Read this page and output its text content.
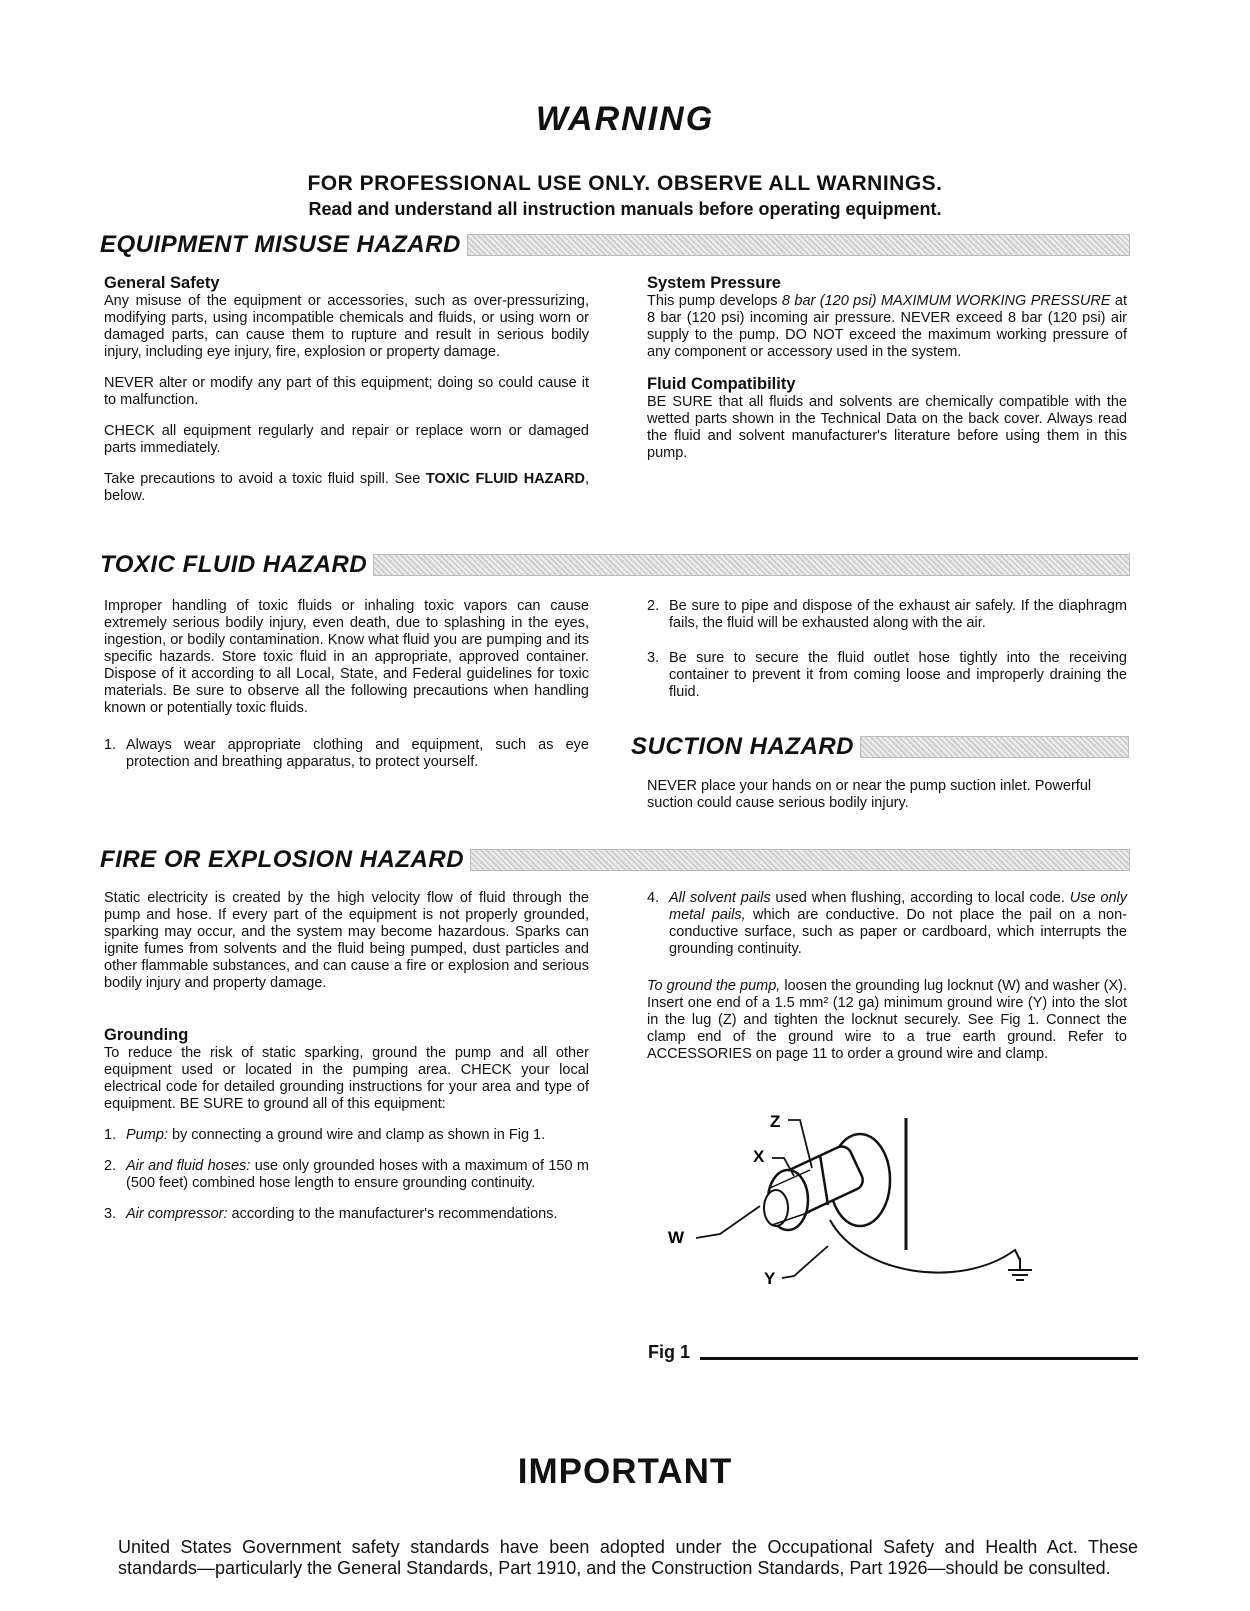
WARNING
FOR PROFESSIONAL USE ONLY. OBSERVE ALL WARNINGS.
Read and understand all instruction manuals before operating equipment.
EQUIPMENT MISUSE HAZARD
General Safety

Any misuse of the equipment or accessories, such as over-pressurizing, modifying parts, using incompatible chemicals and fluids, or using worn or damaged parts, can cause them to rupture and result in serious bodily injury, including eye injury, fire, explosion or property damage.

NEVER alter or modify any part of this equipment; doing so could cause it to malfunction.

CHECK all equipment regularly and repair or replace worn or damaged parts immediately.

Take precautions to avoid a toxic fluid spill. See TOXIC FLUID HAZARD, below.

System Pressure

This pump develops 8 bar (120 psi) MAXIMUM WORKING PRESSURE at 8 bar (120 psi) incoming air pressure. NEVER exceed 8 bar (120 psi) air supply to the pump. DO NOT exceed the maximum working pressure of any component or accessory used in the system.

Fluid Compatibility

BE SURE that all fluids and solvents are chemically compatible with the wetted parts shown in the Technical Data on the back cover. Always read the fluid and solvent manufacturer's literature before using them in this pump.

TOXIC FLUID HAZARD

Improper handling of toxic fluids or inhaling toxic vapors can cause extremely serious bodily injury, even death, due to splashing in the eyes, ingestion, or bodily contamination. Know what fluid you are pumping and its specific hazards. Store toxic fluid in an appropriate, approved container. Dispose of it according to all Local, State, and Federal guidelines for toxic materials. Be sure to observe all the following precautions when handling known or potentially toxic fluids.

1. Always wear appropriate clothing and equipment, such as eye protection and breathing apparatus, to protect yourself.
2. Be sure to pipe and dispose of the exhaust air safely. If the diaphragm fails, the fluid will be exhausted along with the air.
3. Be sure to secure the fluid outlet hose tightly into the receiving container to prevent it from coming loose and improperly draining the fluid.
SUCTION HAZARD
NEVER place your hands on or near the pump suction inlet. Powerful suction could cause serious bodily injury.
FIRE OR EXPLOSION HAZARD

Static electricity is created by the high velocity flow of fluid through the pump and hose. If every part of the equipment is not properly grounded, sparking may occur, and the system may become hazardous. Sparks can ignite fumes from solvents and the fluid being pumped, dust particles and other flammable substances, and can cause a fire or explosion and serious bodily injury and property damage.

Grounding

To reduce the risk of static sparking, ground the pump and all other equipment used or located in the pumping area. CHECK your local electrical code for detailed grounding instructions for your area and type of equipment. BE SURE to ground all of this equipment:

1. Pump: by connecting a ground wire and clamp as shown in Fig 1.
2. Air and fluid hoses: use only grounded hoses with a maximum of 150 m (500 feet) combined hose length to ensure grounding continuity.
3. Air compressor: according to the manufacturer's recommendations.
4. All solvent pails used when flushing, according to local code. Use only metal pails, which are conductive. Do not place the pail on a non-conductive surface, such as paper or cardboard, which interrupts the grounding continuity.

To ground the pump, loosen the grounding lug locknut (W) and washer (X). Insert one end of a 1.5 mm² (12 ga) minimum ground wire (Y) into the slot in the lug (Z) and tighten the locknut securely. See Fig 1. Connect the clamp end of the ground wire to a true earth ground. Refer to ACCESSORIES on page 11 to order a ground wire and clamp.

Z
X
W
Y
Fig 1
IMPORTANT
United States Government safety standards have been adopted under the Occupational Safety and Health Act. These standards—particularly the General Standards, Part 1910, and the Construction Standards, Part 1926—should be consulted.
